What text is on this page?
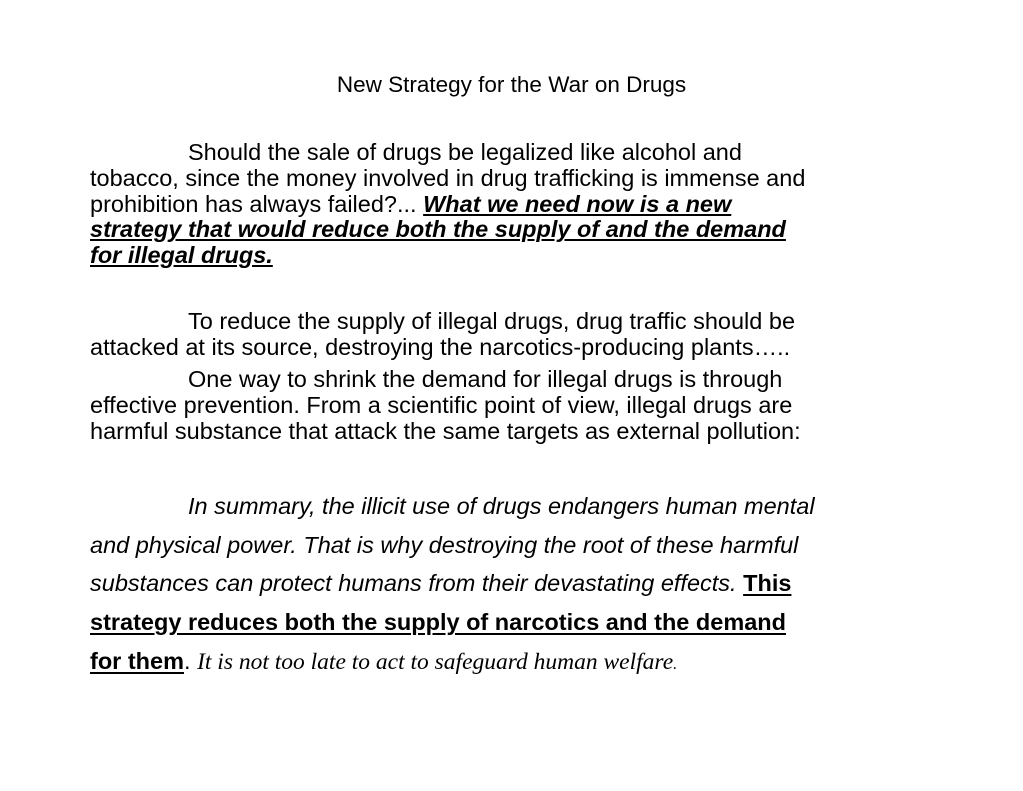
New Strategy for the War on Drugs
Should the sale of drugs be legalized like alcohol and
tobacco, since the money involved in drug trafficking is immense and
prohibition has always failed?... What we need now is a new
strategy that would reduce both the supply of and the demand
for illegal drugs.
To reduce the supply of illegal drugs, drug traffic should be
attacked at its source, destroying the narcotics-producing plants…..
One way to shrink the demand for illegal drugs is through
effective prevention. From a scientific point of view, illegal drugs are
harmful substance that attack the same targets as external pollution:
In summary, the illicit use of drugs endangers human mental
and physical power. That is why destroying the root of these harmful
substances can protect humans from their devastating effects. This
strategy reduces both the supply of narcotics and the demand
for them. It is not too late to act to safeguard human welfare.
